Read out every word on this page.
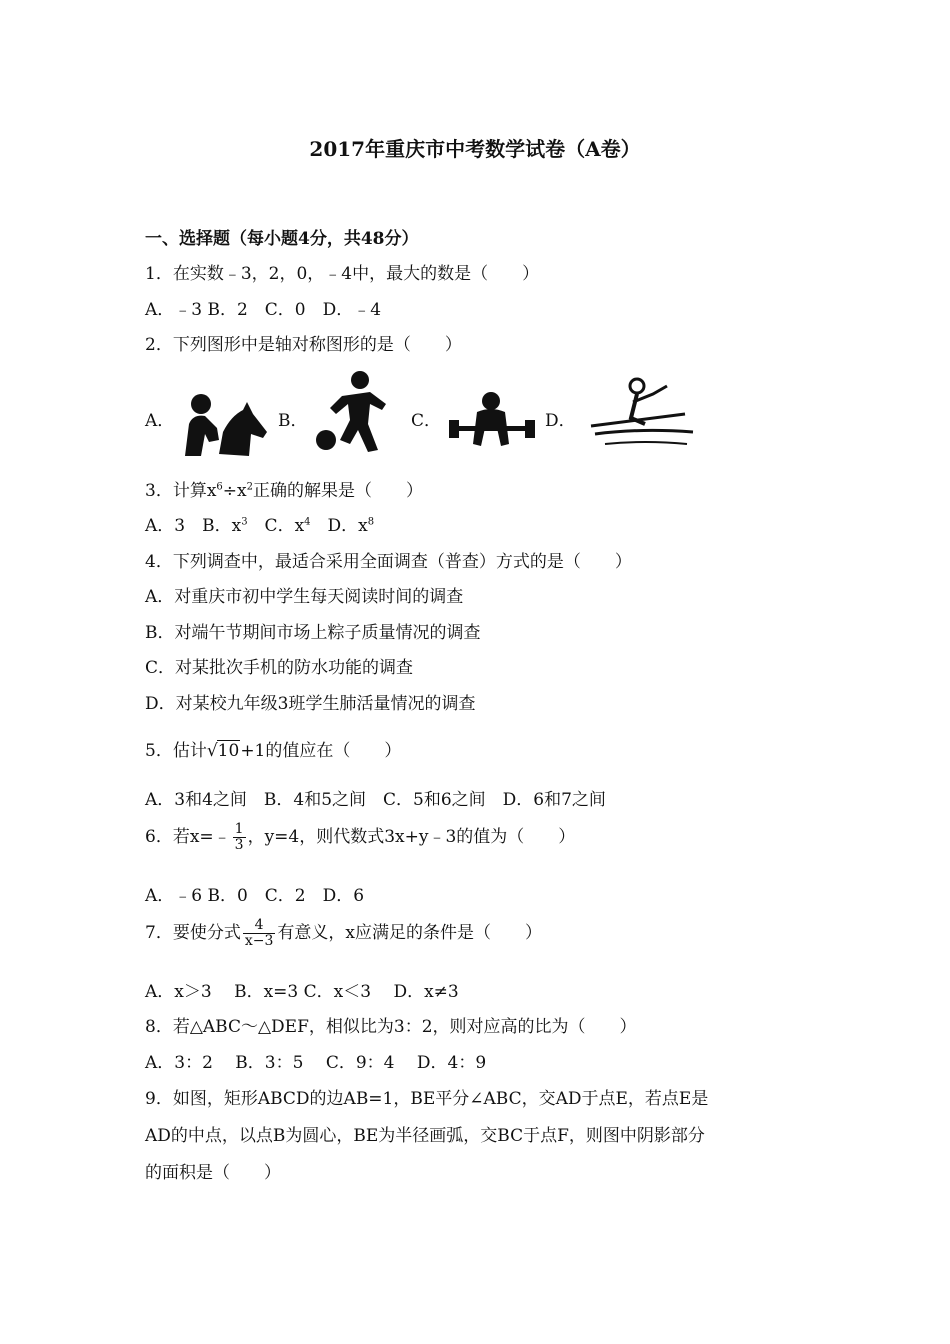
2017年重庆市中考数学试卷（A卷）
一、选择题（每小题4分，共48分）
1．在实数﹣3，2，0，﹣4中，最大的数是（　　）
A．﹣3 B．2　C．0　D．﹣4
2．下列图形中是轴对称图形的是（　　）
A．	B．	C．	D．
3．计算$x^6\div x^2$正确的解果是（　　）
A．3　B．$x^3$　C．$x^4$　D．$x^8$
4．下列调查中，最适合采用全面调查（普查）方式的是（　　）
A．对重庆市初中学生每天阅读时间的调查
B．对端午节期间市场上粽子质量情况的调查
C．对某批次手机的防水功能的调查
D．对某校九年级3班学生肺活量情况的调查
5．估计√10+1的值应在（　　）
A．3和4之间　B．4和5之间　C．5和6之间　D．6和7之间
6．若x=﹣ $\frac{1}{3}$ ，y=4，则代数式3x+y﹣3的值为（　　）
A．﹣6 B．0　C．2　D．6
7．要使分式 $\frac{4}{x-3}$ 有意义，x应满足的条件是（　　）
A．x＞3　 B．x=3 C．x＜3　 D．x≠3
8．若△ABC～△DEF，相似比为3：2，则对应高的比为（　　）
A．3：2　 B．3：5　 C．9：4　 D．4：9
9．如图，矩形ABCD的边AB=1，BE平分∠ABC，交AD于点E，若点E是
AD的中点，以点B为圆心，BE为半径画弧，交BC于点F，则图中阴影部分
的面积是（　　）
